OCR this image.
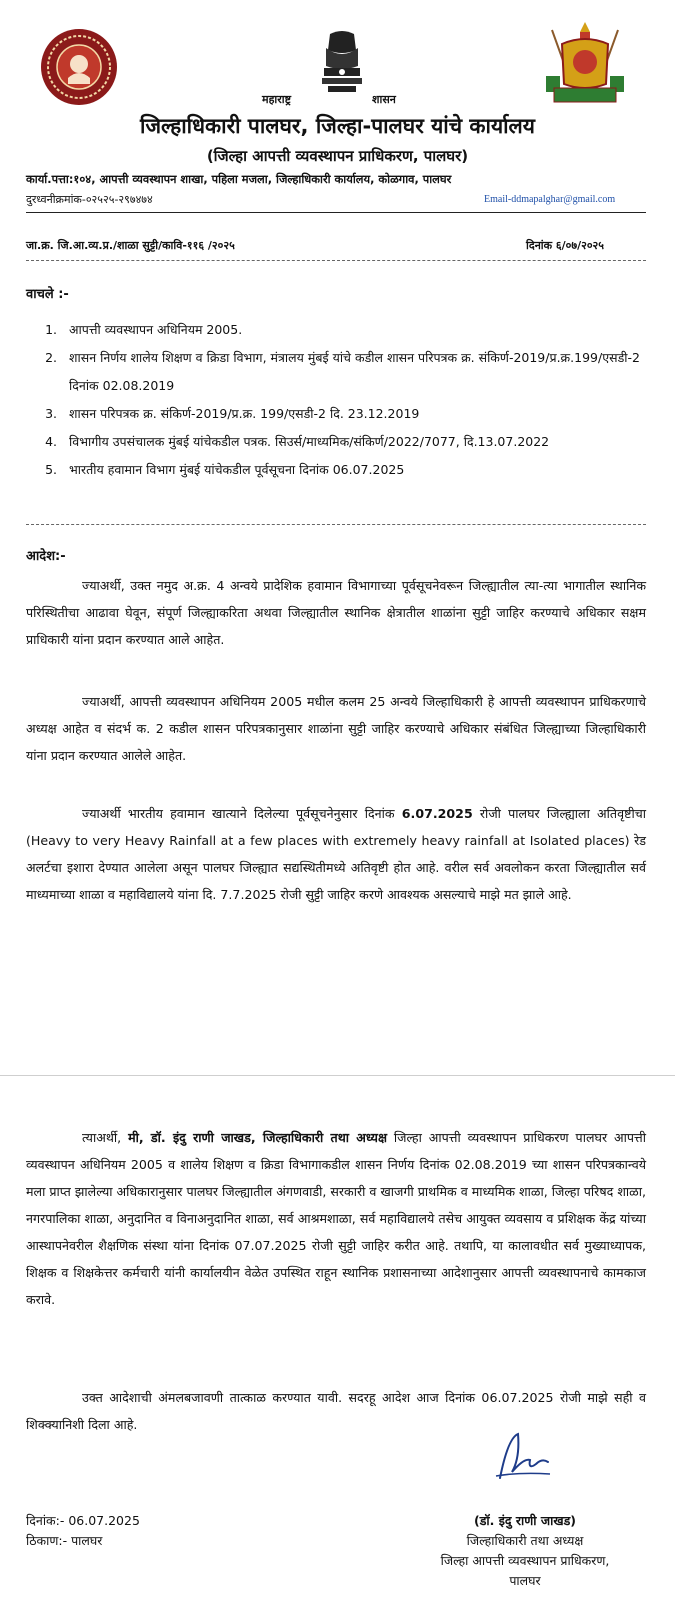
महाराष्ट्र	शासन
जिल्हाधिकारी पालघर, जिल्हा-पालघर यांचे कार्यालय
(जिल्हा आपत्ती व्यवस्थापन प्राधिकरण, पालघर)
कार्या.पत्ता:१०४, आपत्ती व्यवस्थापन शाखा, पहिला मजला, जिल्हाधिकारी कार्यालय, कोळगाव, पालघर
दुरध्वनीक्रमांक-०२५२५-२९७४७४	Email-ddmapalghar@gmail.com
जा.क्र. जि.आ.व्य.प्र./शाळा सुट्टी/कावि-११६ /२०२५	दिनांक ६/०७/२०२५
वाचले :-
1. आपत्ती व्यवस्थापन अधिनियम 2005.
2. शासन निर्णय शालेय शिक्षण व क्रिडा विभाग, मंत्रालय मुंबई यांचे कडील शासन परिपत्रक क्र. संकिर्ण-2019/प्र.क्र.199/एसडी-2 दिनांक 02.08.2019
3. शासन परिपत्रक क्र. संकिर्ण-2019/प्र.क्र. 199/एसडी-2 दि. 23.12.2019
4. विभागीय उपसंचालक मुंबई यांचेकडील पत्रक. सिउर्स/माध्यमिक/संकिर्ण/2022/7077, दि.13.07.2022
5. भारतीय हवामान विभाग मुंबई यांचेकडील पूर्वसूचना दिनांक 06.07.2025
आदेश:-
ज्याअर्थी, उक्त नमुद अ.क्र. 4 अन्वये प्रादेशिक हवामान विभागाच्या पूर्वसूचनेवरून जिल्ह्यातील त्या-त्या भागातील स्थानिक परिस्थितीचा आढावा घेवून, संपूर्ण जिल्ह्याकरिता अथवा जिल्ह्यातील स्थानिक क्षेत्रातील शाळांना सुट्टी जाहिर करण्याचे अधिकार सक्षम प्राधिकारी यांना प्रदान करण्यात आले आहेत.
ज्याअर्थी, आपत्ती व्यवस्थापन अधिनियम 2005 मधील कलम 25 अन्वये जिल्हाधिकारी हे आपत्ती व्यवस्थापन प्राधिकरणाचे अध्यक्ष आहेत व संदर्भ क. 2 कडील शासन परिपत्रकानुसार शाळांना सुट्टी जाहिर करण्याचे अधिकार संबंधित जिल्ह्याच्या जिल्हाधिकारी यांना प्रदान करण्यात आलेले आहेत.
ज्याअर्थी भारतीय हवामान खात्याने दिलेल्या पूर्वसूचनेनुसार दिनांक 6.07.2025 रोजी पालघर जिल्ह्याला अतिवृष्टीचा (Heavy to very Heavy Rainfall at a few places with extremely heavy rainfall at Isolated places) रेड अलर्टचा इशारा देण्यात आलेला असून पालघर जिल्ह्यात सद्यस्थितीमध्ये अतिवृष्टी होत आहे. वरील सर्व अवलोकन करता जिल्ह्यातील सर्व माध्यमाच्या शाळा व महाविद्यालये यांना दि. 7.7.2025 रोजी सुट्टी जाहिर करणे आवश्यक असल्याचे माझे मत झाले आहे.
त्याअर्थी, मी, डॉ. इंदु राणी जाखड, जिल्हाधिकारी तथा अध्यक्ष जिल्हा आपत्ती व्यवस्थापन प्राधिकरण पालघर आपत्ती व्यवस्थापन अधिनियम 2005 व शालेय शिक्षण व क्रिडा विभागाकडील शासन निर्णय दिनांक 02.08.2019 च्या शासन परिपत्रकान्वये मला प्राप्त झालेल्या अधिकारानुसार पालघर जिल्ह्यातील अंगणवाडी, सरकारी व खाजगी प्राथमिक व माध्यमिक शाळा, जिल्हा परिषद शाळा, नगरपालिका शाळा, अनुदानित व विनाअनुदानित शाळा, सर्व आश्रमशाळा, सर्व महाविद्यालये तसेच आयुक्त व्यवसाय व प्रशिक्षक केंद्र यांच्या आस्थापनेवरील शैक्षणिक संस्था यांना दिनांक 07.07.2025 रोजी सुट्टी जाहिर करीत आहे. तथापि, या कालावधीत सर्व मुख्याध्यापक, शिक्षक व शिक्षकेत्तर कर्मचारी यांनी कार्यालयीन वेळेत उपस्थित राहून स्थानिक प्रशासनाच्या आदेशानुसार आपत्ती व्यवस्थापनाचे कामकाज करावे.
उक्त आदेशाची अंमलबजावणी तात्काळ करण्यात यावी. सदरहू आदेश आज दिनांक 06.07.2025 रोजी माझे सही व शिक्क्यानिशी दिला आहे.
दिनांक:- 06.07.2025
ठिकाण:- पालघर
(डॉ. इंदु राणी जाखड)
जिल्हाधिकारी तथा अध्यक्ष
जिल्हा आपत्ती व्यवस्थापन प्राधिकरण,
पालघर
